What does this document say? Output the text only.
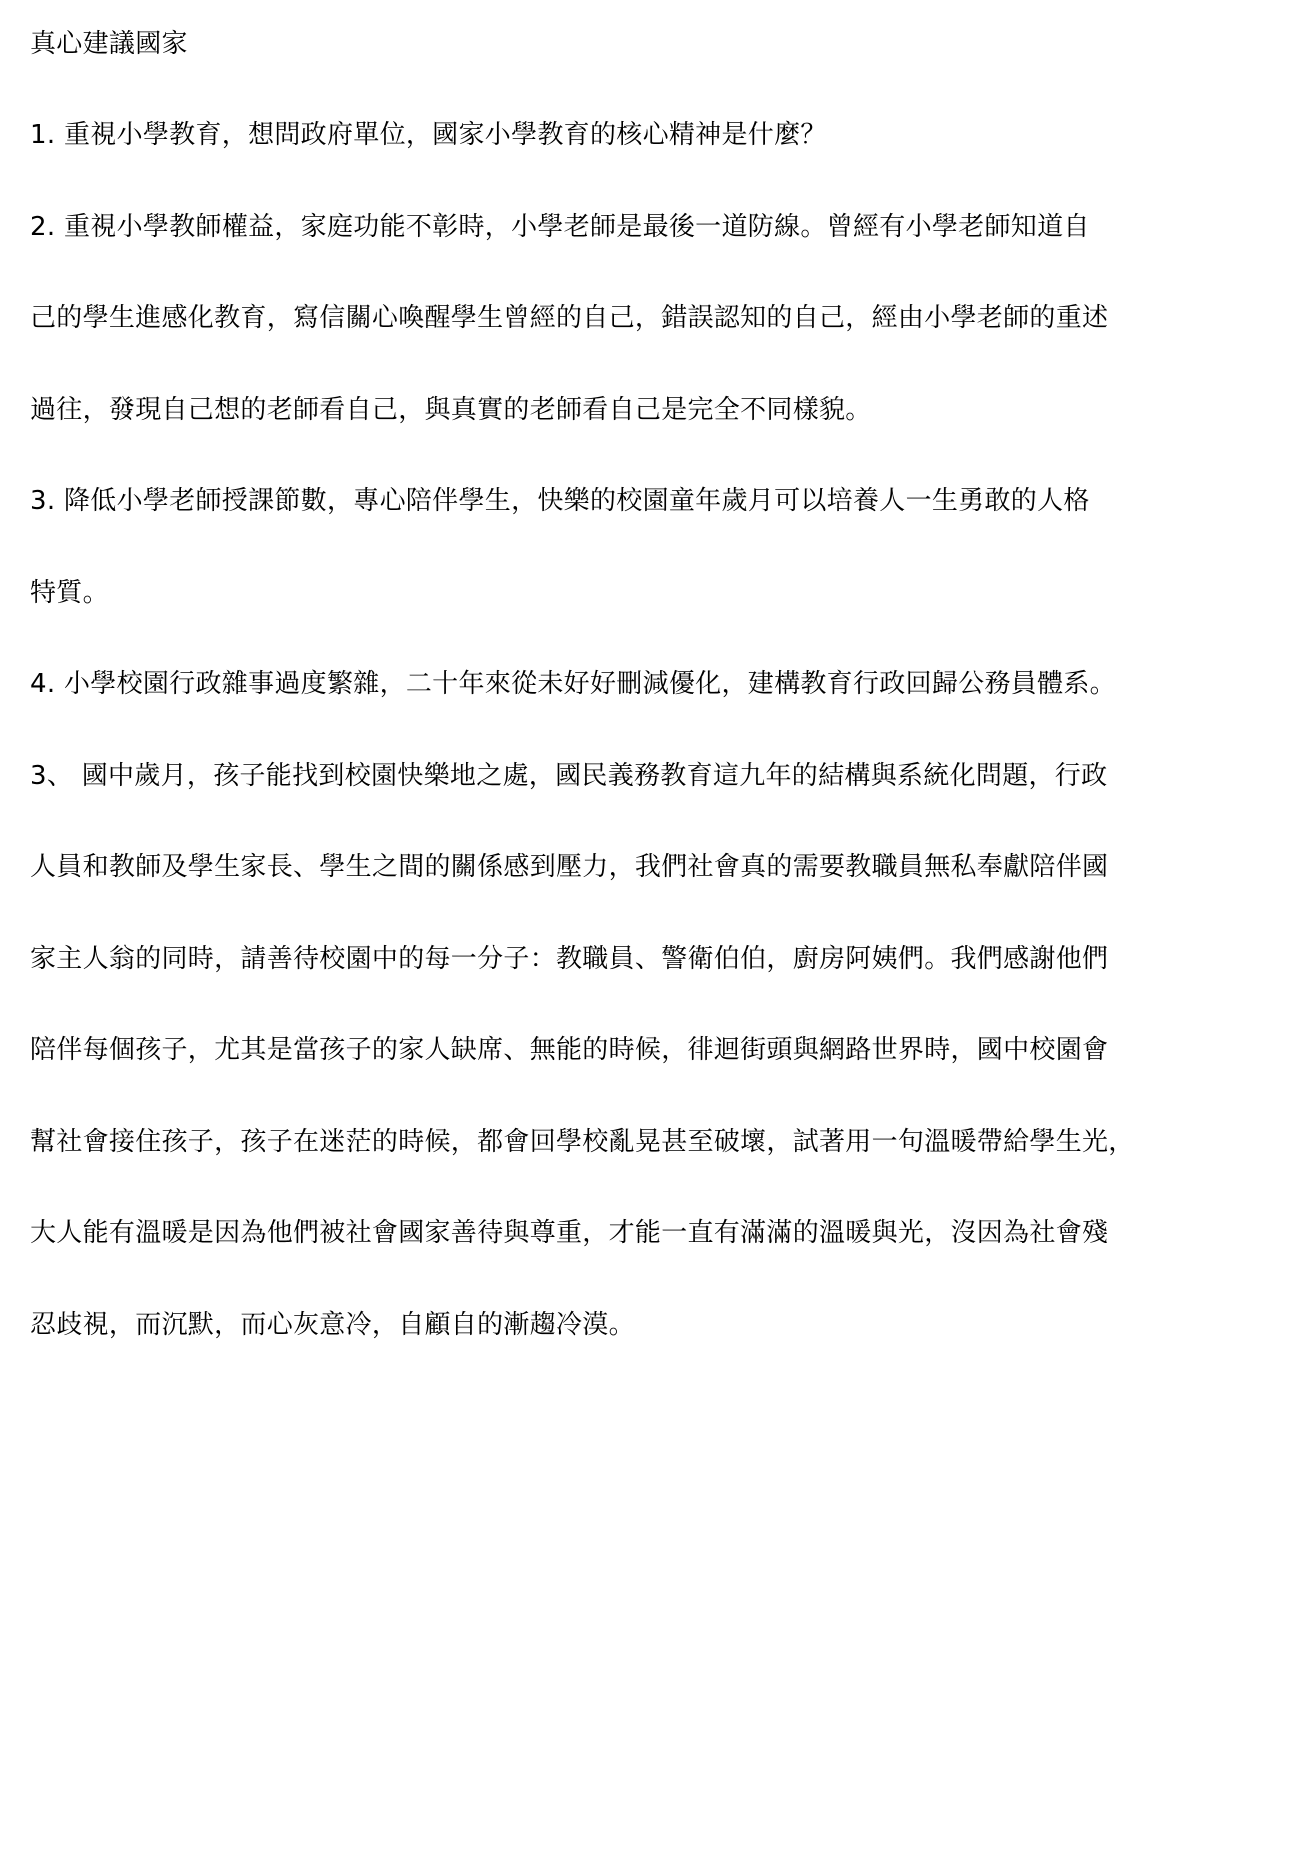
真心建議國家

1. 重視小學教育，想問政府單位，國家小學教育的核心精神是什麼？

2. 重視小學教師權益，家庭功能不彰時，小學老師是最後一道防線。曾經有小學老師知道自

己的學生進感化教育，寫信關心喚醒學生曾經的自己，錯誤認知的自己，經由小學老師的重述

過往，發現自己想的老師看自己，與真實的老師看自己是完全不同樣貌。

3. 降低小學老師授課節數，專心陪伴學生，快樂的校園童年歲月可以培養人一生勇敢的人格

特質。

4. 小學校園行政雜事過度繁雜，二十年來從未好好刪減優化，建構教育行政回歸公務員體系。

3、 國中歲月，孩子能找到校園快樂地之處，國民義務教育這九年的結構與系統化問題，行政

人員和教師及學生家長、學生之間的關係感到壓力，我們社會真的需要教職員無私奉獻陪伴國

家主人翁的同時，請善待校園中的每一分子：教職員、警衛伯伯，廚房阿姨們。我們感謝他們

陪伴每個孩子，尤其是當孩子的家人缺席、無能的時候，徘迴街頭與網路世界時，國中校園會

幫社會接住孩子，孩子在迷茫的時候，都會回學校亂晃甚至破壞，試著用一句溫暖帶給學生光，

大人能有溫暖是因為他們被社會國家善待與尊重，才能一直有滿滿的溫暖與光，沒因為社會殘

忍歧視，而沉默，而心灰意冷，自顧自的漸趨冷漠。
